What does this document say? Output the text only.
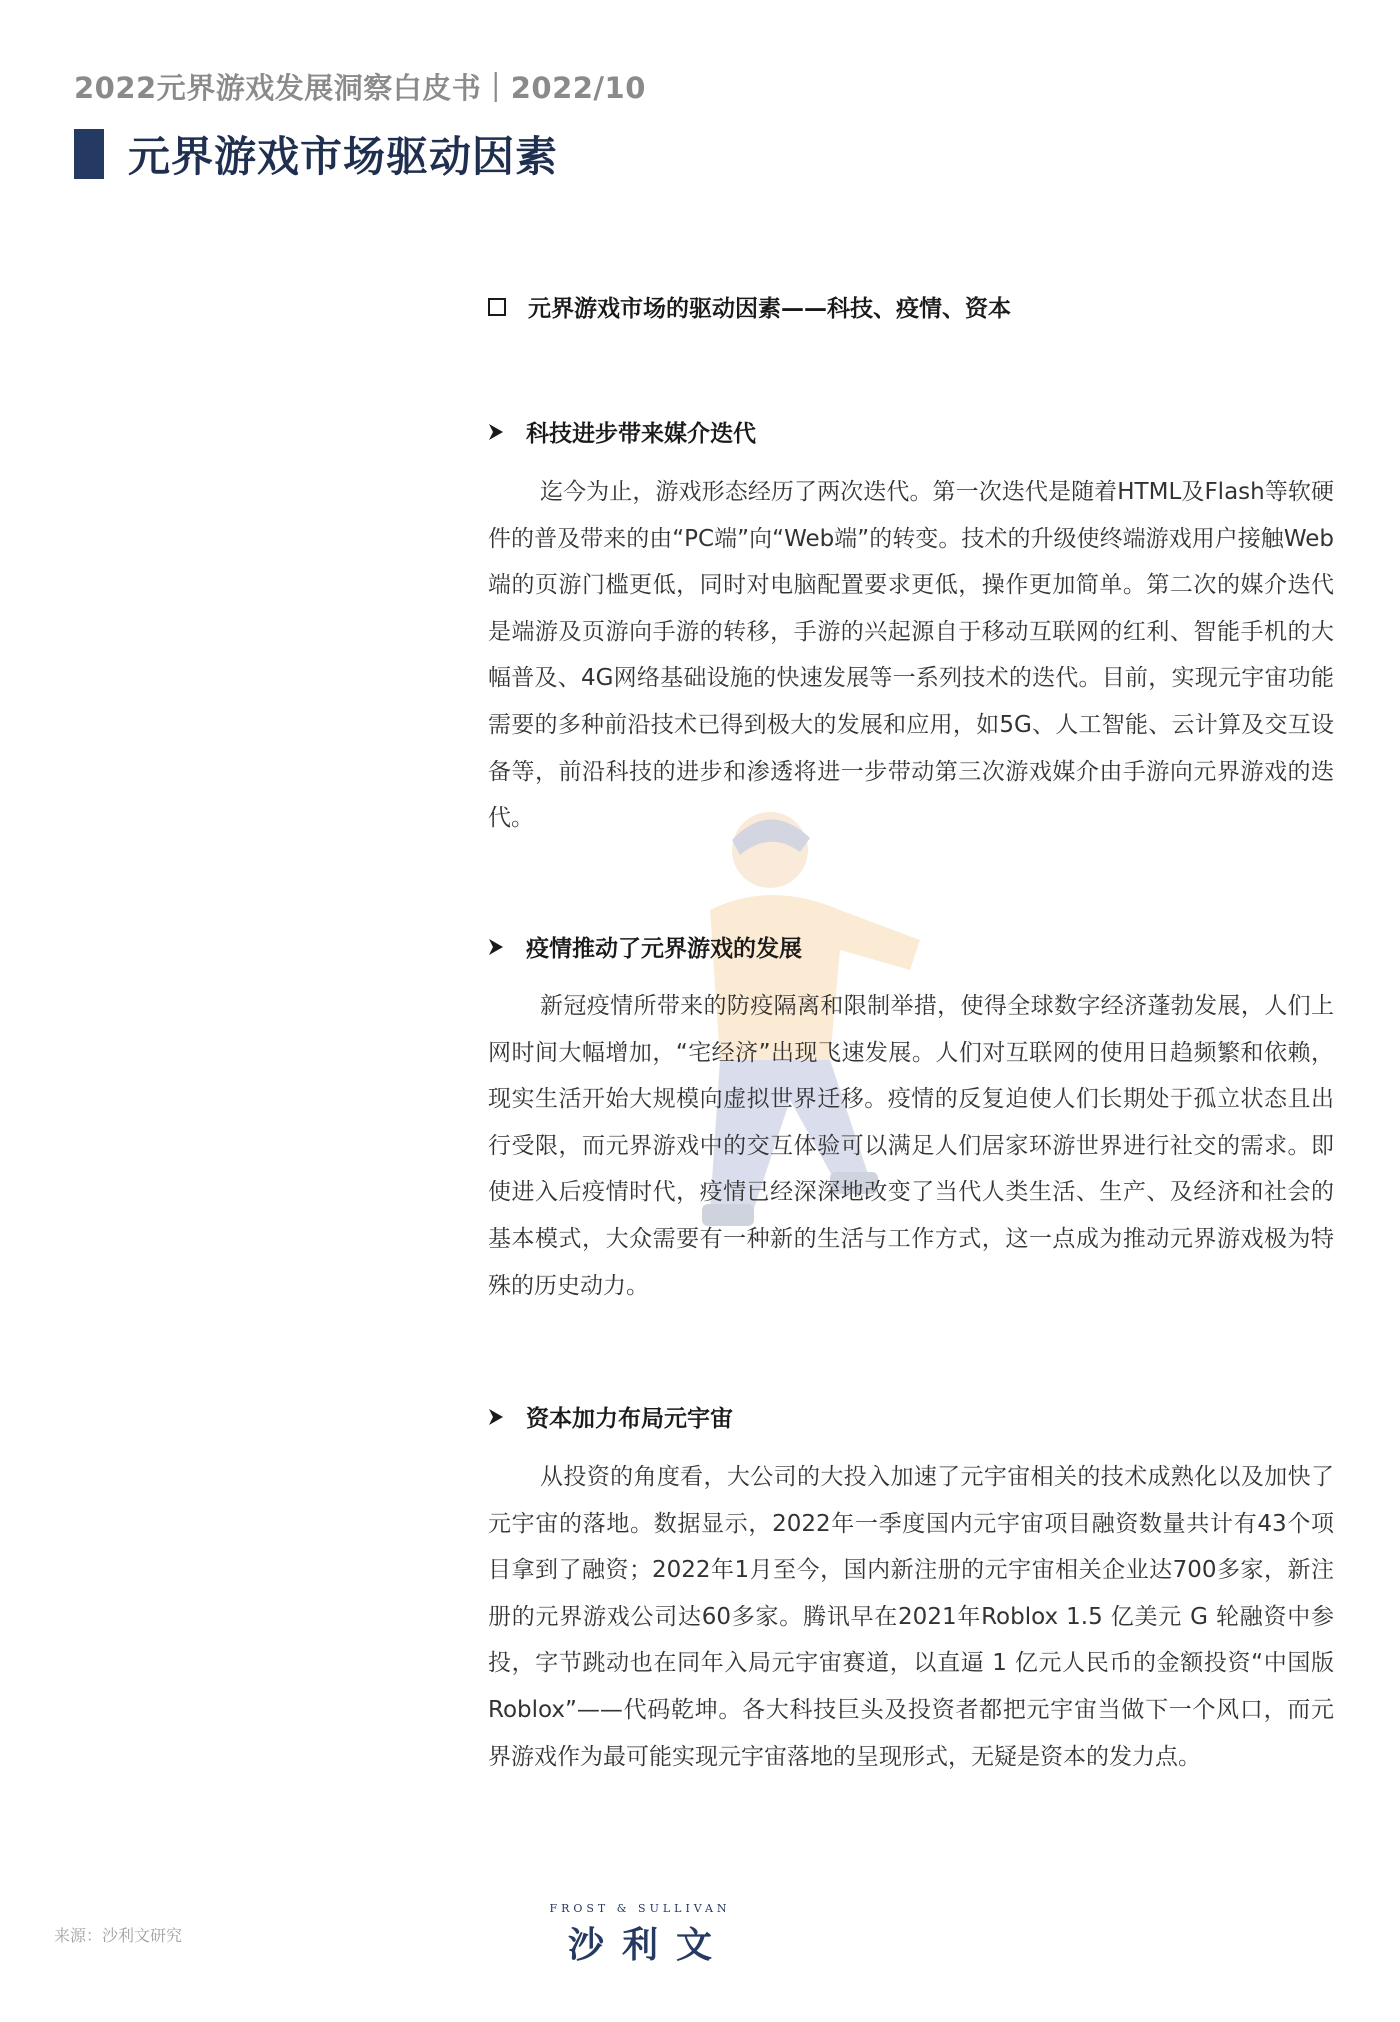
2022元界游戏发展洞察白皮书｜2022/10
元界游戏市场驱动因素
元界游戏市场的驱动因素——科技、疫情、资本
科技进步带来媒介迭代

迄今为止，游戏形态经历了两次迭代。第一次迭代是随着HTML及Flash等软硬件的普及带来的由“PC端”向“Web端”的转变。技术的升级使终端游戏用户接触Web端的页游门槛更低，同时对电脑配置要求更低，操作更加简单。第二次的媒介迭代是端游及页游向手游的转移，手游的兴起源自于移动互联网的红利、智能手机的大幅普及、4G网络基础设施的快速发展等一系列技术的迭代。目前，实现元宇宙功能需要的多种前沿技术已得到极大的发展和应用，如5G、人工智能、云计算及交互设备等，前沿科技的进步和渗透将进一步带动第三次游戏媒介由手游向元界游戏的迭代。

疫情推动了元界游戏的发展

新冠疫情所带来的防疫隔离和限制举措，使得全球数字经济蓬勃发展，人们上网时间大幅增加，“宅经济”出现飞速发展。人们对互联网的使用日趋频繁和依赖，现实生活开始大规模向虚拟世界迁移。疫情的反复迫使人们长期处于孤立状态且出行受限，而元界游戏中的交互体验可以满足人们居家环游世界进行社交的需求。即使进入后疫情时代，疫情已经深深地改变了当代人类生活、生产、及经济和社会的基本模式，大众需要有一种新的生活与工作方式，这一点成为推动元界游戏极为特殊的历史动力。

资本加力布局元宇宙

从投资的角度看，大公司的大投入加速了元宇宙相关的技术成熟化以及加快了元宇宙的落地。数据显示，2022年一季度国内元宇宙项目融资数量共计有43个项目拿到了融资；2022年1月至今，国内新注册的元宇宙相关企业达700多家，新注册的元界游戏公司达60多家。腾讯早在2021年Roblox 1.5 亿美元 G 轮融资中参投，字节跳动也在同年入局元宇宙赛道，以直逼 1 亿元人民币的金额投资“中国版Roblox”——代码乾坤。各大科技巨头及投资者都把元宇宙当做下一个风口，而元界游戏作为最可能实现元宇宙落地的呈现形式，无疑是资本的发力点。

来源：沙利文研究
FROST & SULLIVAN
沙利文
